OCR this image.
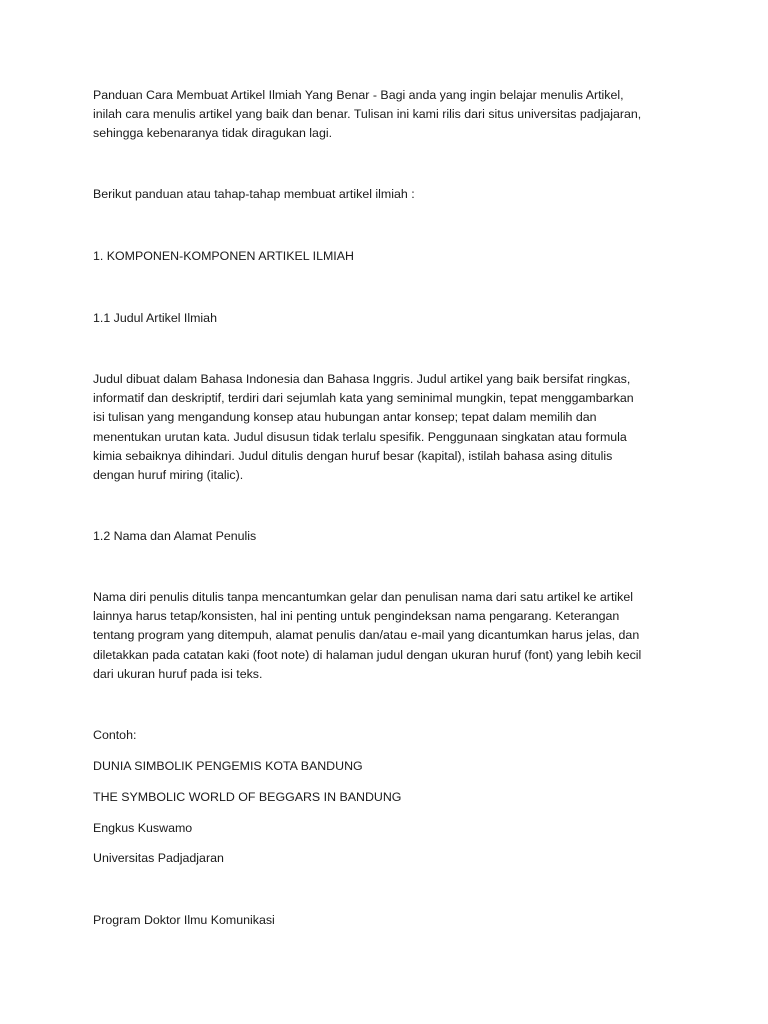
Panduan Cara Membuat Artikel Ilmiah Yang Benar - Bagi anda yang ingin belajar menulis Artikel,
inilah cara menulis artikel yang baik dan benar. Tulisan ini kami rilis dari situs universitas padjajaran,
sehingga kebenaranya tidak diragukan lagi.

Berikut panduan atau tahap-tahap membuat artikel ilmiah :

1. KOMPONEN-KOMPONEN ARTIKEL ILMIAH

1.1 Judul Artikel Ilmiah

Judul dibuat dalam Bahasa Indonesia dan Bahasa Inggris. Judul artikel yang baik bersifat ringkas,
informatif dan deskriptif, terdiri dari sejumlah kata yang seminimal mungkin, tepat menggambarkan
isi tulisan yang mengandung konsep atau hubungan antar konsep; tepat dalam memilih dan
menentukan urutan kata. Judul disusun tidak terlalu spesifik. Penggunaan singkatan atau formula
kimia sebaiknya dihindari. Judul ditulis dengan huruf besar (kapital), istilah bahasa asing ditulis
dengan huruf miring (italic).

1.2 Nama dan Alamat Penulis

Nama diri penulis ditulis tanpa mencantumkan gelar dan penulisan nama dari satu artikel ke artikel
lainnya harus tetap/konsisten, hal ini penting untuk pengindeksan nama pengarang. Keterangan
tentang program yang ditempuh, alamat penulis dan/atau e-mail yang dicantumkan harus jelas, dan
diletakkan pada catatan kaki (foot note) di halaman judul dengan ukuran huruf (font) yang lebih kecil
dari ukuran huruf pada isi teks.

Contoh:

DUNIA SIMBOLIK PENGEMIS KOTA BANDUNG

THE SYMBOLIC WORLD OF BEGGARS IN BANDUNG

Engkus Kuswamo

Universitas Padjadjaran

Program Doktor Ilmu Komunikasi
